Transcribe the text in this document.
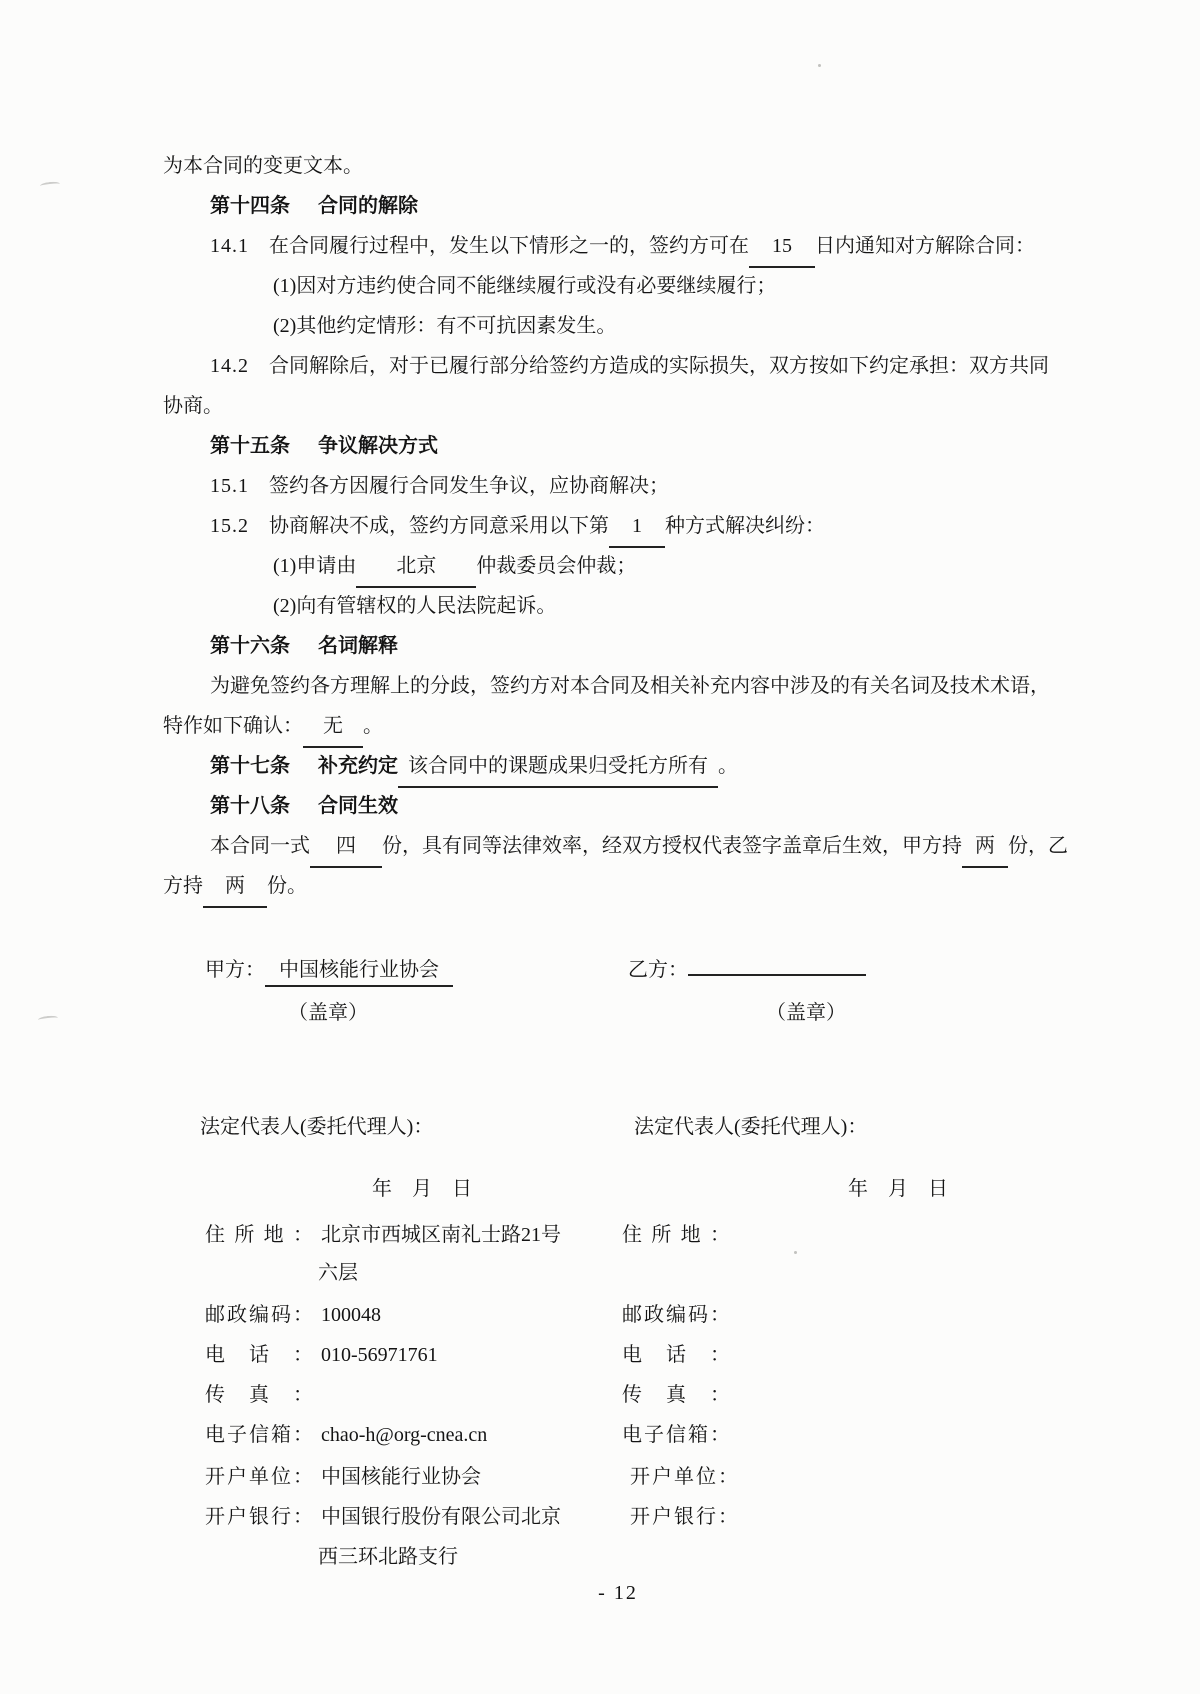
为本合同的变更文本。
第十四条 合同的解除
14.1 在合同履行过程中，发生以下情形之一的，签约方可在 15 日内通知对方解除合同：
(1)因对方违约使合同不能继续履行或没有必要继续履行；
(2)其他约定情形：有不可抗因素发生。
14.2 合同解除后，对于已履行部分给签约方造成的实际损失，双方按如下约定承担：双方共同
协商。
第十五条 争议解决方式
15.1 签约各方因履行合同发生争议，应协商解决；
15.2 协商解决不成，签约方同意采用以下第 1 种方式解决纠纷：
(1)申请由 北京 仲裁委员会仲裁；
(2)向有管辖权的人民法院起诉。
第十六条 名词解释
为避免签约各方理解上的分歧，签约方对本合同及相关补充内容中涉及的有关名词及技术术语，
特作如下确认： 无 。
第十七条 补充约定 该合同中的课题成果归受托方所有 。
第十八条 合同生效
本合同一式 四 份，具有同等法律效率，经双方授权代表签字盖章后生效，甲方持 两 份，乙
方持 两 份。
甲方： 中国核能行业协会	乙方：
（盖章）	（盖章）
法定代表人(委托代理人)：	法定代表人(委托代理人)：
年　月　日	年　月　日
住所地： 北京市西城区南礼士路21号	住所地：
六层
邮政编码： 100048	邮政编码：
电话： 010-56971761	电话：
传真：	传真：
电子信箱： chao-h@org-cnea.cn	电子信箱：
开户单位： 中国核能行业协会	开户单位：
开户银行： 中国银行股份有限公司北京	开户银行：
西三环北路支行
- 12
